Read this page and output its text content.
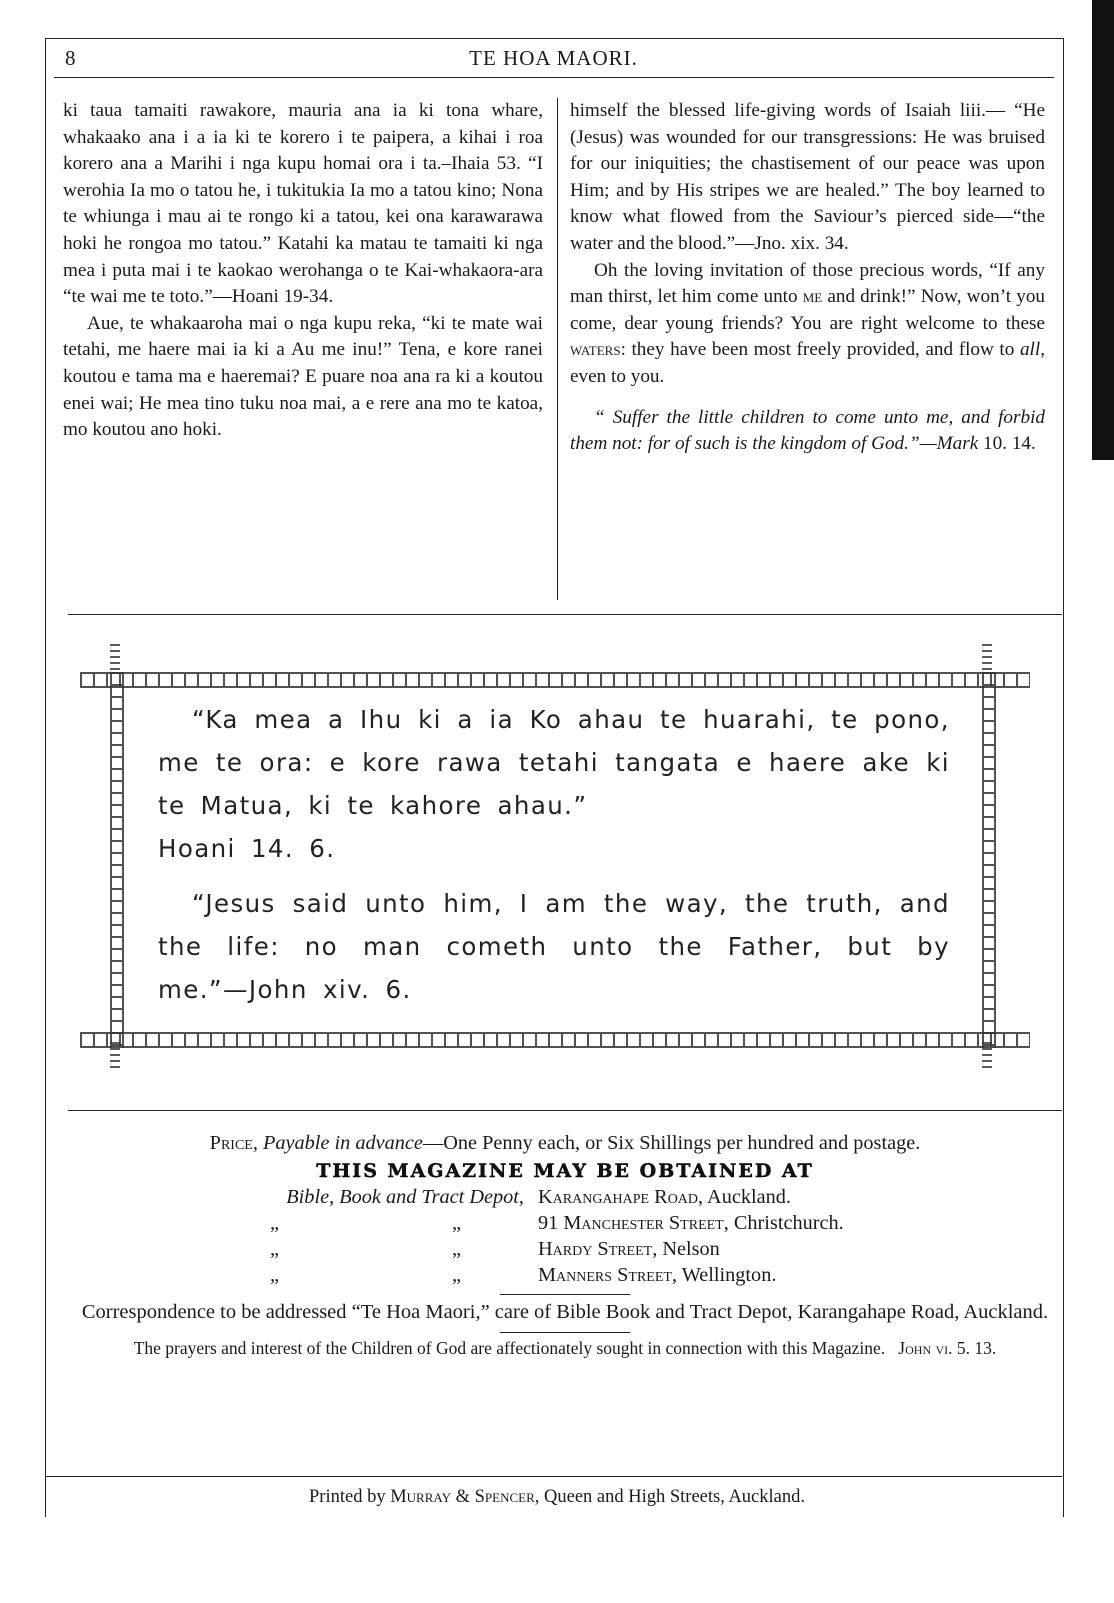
8	TE HOA MAORI.

ki taua tamaiti rawakore, mauria ana ia ki tona whare, whakaako ana i a ia ki te korero i te paipera, a kihai i roa korero ana a Marihi i nga kupu homai ora i ta.–Ihaia 53. “I werohia Ia mo o tatou he, i tukitukia Ia mo a tatou kino; Nona te whiunga i mau ai te rongo ki a tatou, kei ona karawarawa hoki he rongoa mo tatou.” Katahi ka matau te tamaiti ki nga mea i puta mai i te kaokao werohanga o te Kai-whakaora-ara “te wai me te toto.”—Hoani 19-34.

Aue, te whakaaroha mai o nga kupu reka, “ki te mate wai tetahi, me haere mai ia ki a Au me inu!” Tena, e kore ranei koutou e tama ma e haeremai? E puare noa ana ra ki a koutou enei wai; He mea tino tuku noa mai, a e rere ana mo te katoa, mo koutou ano hoki.

himself the blessed life-giving words of Isaiah liii.— “He (Jesus) was wounded for our transgressions: He was bruised for our iniquities; the chastisement of our peace was upon Him; and by His stripes we are healed.” The boy learned to know what flowed from the Saviour’s pierced side—“the water and the blood.”—Jno. xix. 34.

Oh the loving invitation of those precious words, “If any man thirst, let him come unto me and drink!” Now, won’t you come, dear young friends? You are right welcome to these waters: they have been most freely provided, and flow to all, even to you.

“ Suffer the little children to come unto me, and forbid them not: for of such is the kingdom of God.”—Mark 10. 14.

“Ka mea a Ihu ki a ia Ko ahau te huarahi, te pono, me te ora: e kore rawa tetahi tangata e haere ake ki te Matua, ki te kahore ahau.”

Hoani 14. 6.

“Jesus said unto him, I am the way, the truth, and the life: no man cometh unto the Father, but by me.”—John xiv. 6.

Price, Payable in advance—One Penny each, or Six Shillings per hundred and postage.
THIS MAGAZINE MAY BE OBTAINED AT
Bible, Book and Tract Depot, Karangahape Road, Auckland.
„	„	91 Manchester Street, Christchurch.
„	„	Hardy Street, Nelson
„	„	Manners Street, Wellington.
Correspondence to be addressed “Te Hoa Maori,” care of Bible Book and Tract Depot, Karangahape Road, Auckland.
The prayers and interest of the Children of God are affectionately sought in connection with this Magazine. John vi. 5. 13.
Printed by Murray & Spencer, Queen and High Streets, Auckland.
